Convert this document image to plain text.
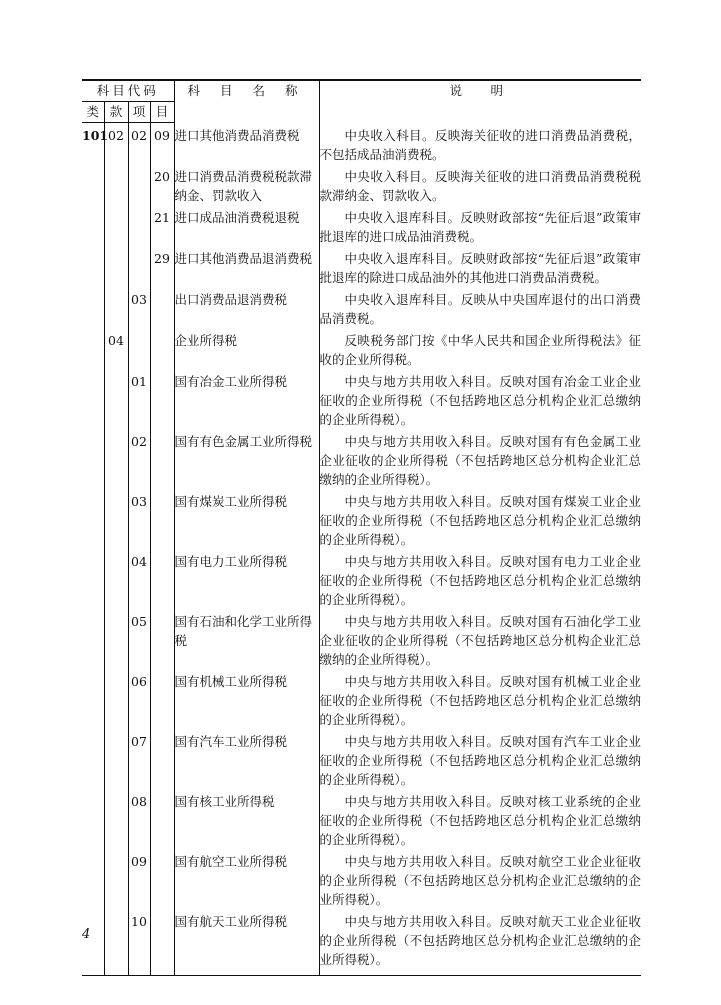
科目代码				科 目 名 称	说　明
类	款	项	目		
101	02	02	09	进口其他消费品消费税	中央收入科目。反映海关征收的进口消费品消费税，不包括成品油消费税。
			20	进口消费品消费税税款滞纳金、罚款收入	中央收入科目。反映海关征收的进口消费品消费税税款滞纳金、罚款收入。
			21	进口成品油消费税退税	中央收入退库科目。反映财政部按“先征后退”政策审批退库的进口成品油消费税。
			29	进口其他消费品退消费税	中央收入退库科目。反映财政部按“先征后退”政策审批退库的除进口成品油外的其他进口消费品消费税。
		03		出口消费品退消费税	中央收入退库科目。反映从中央国库退付的出口消费品消费税。
	04			企业所得税	反映税务部门按《中华人民共和国企业所得税法》征收的企业所得税。
		01		国有冶金工业所得税	中央与地方共用收入科目。反映对国有冶金工业企业征收的企业所得税（不包括跨地区总分机构企业汇总缴纳的企业所得税）。
		02		国有有色金属工业所得税	中央与地方共用收入科目。反映对国有有色金属工业企业征收的企业所得税（不包括跨地区总分机构企业汇总缴纳的企业所得税）。
		03		国有煤炭工业所得税	中央与地方共用收入科目。反映对国有煤炭工业企业征收的企业所得税（不包括跨地区总分机构企业汇总缴纳的企业所得税）。
		04		国有电力工业所得税	中央与地方共用收入科目。反映对国有电力工业企业征收的企业所得税（不包括跨地区总分机构企业汇总缴纳的企业所得税）。
		05		国有石油和化学工业所得税	中央与地方共用收入科目。反映对国有石油化学工业企业征收的企业所得税（不包括跨地区总分机构企业汇总缴纳的企业所得税）。
		06		国有机械工业所得税	中央与地方共用收入科目。反映对国有机械工业企业征收的企业所得税（不包括跨地区总分机构企业汇总缴纳的企业所得税）。
		07		国有汽车工业所得税	中央与地方共用收入科目。反映对国有汽车工业企业征收的企业所得税（不包括跨地区总分机构企业汇总缴纳的企业所得税）。
		08		国有核工业所得税	中央与地方共用收入科目。反映对核工业系统的企业征收的企业所得税（不包括跨地区总分机构企业汇总缴纳的企业所得税）。
		09		国有航空工业所得税	中央与地方共用收入科目。反映对航空工业企业征收的企业所得税（不包括跨地区总分机构企业汇总缴纳的企业所得税）。
		10		国有航天工业所得税	中央与地方共用收入科目。反映对航天工业企业征收的企业所得税（不包括跨地区总分机构企业汇总缴纳的企业所得税）。

4
